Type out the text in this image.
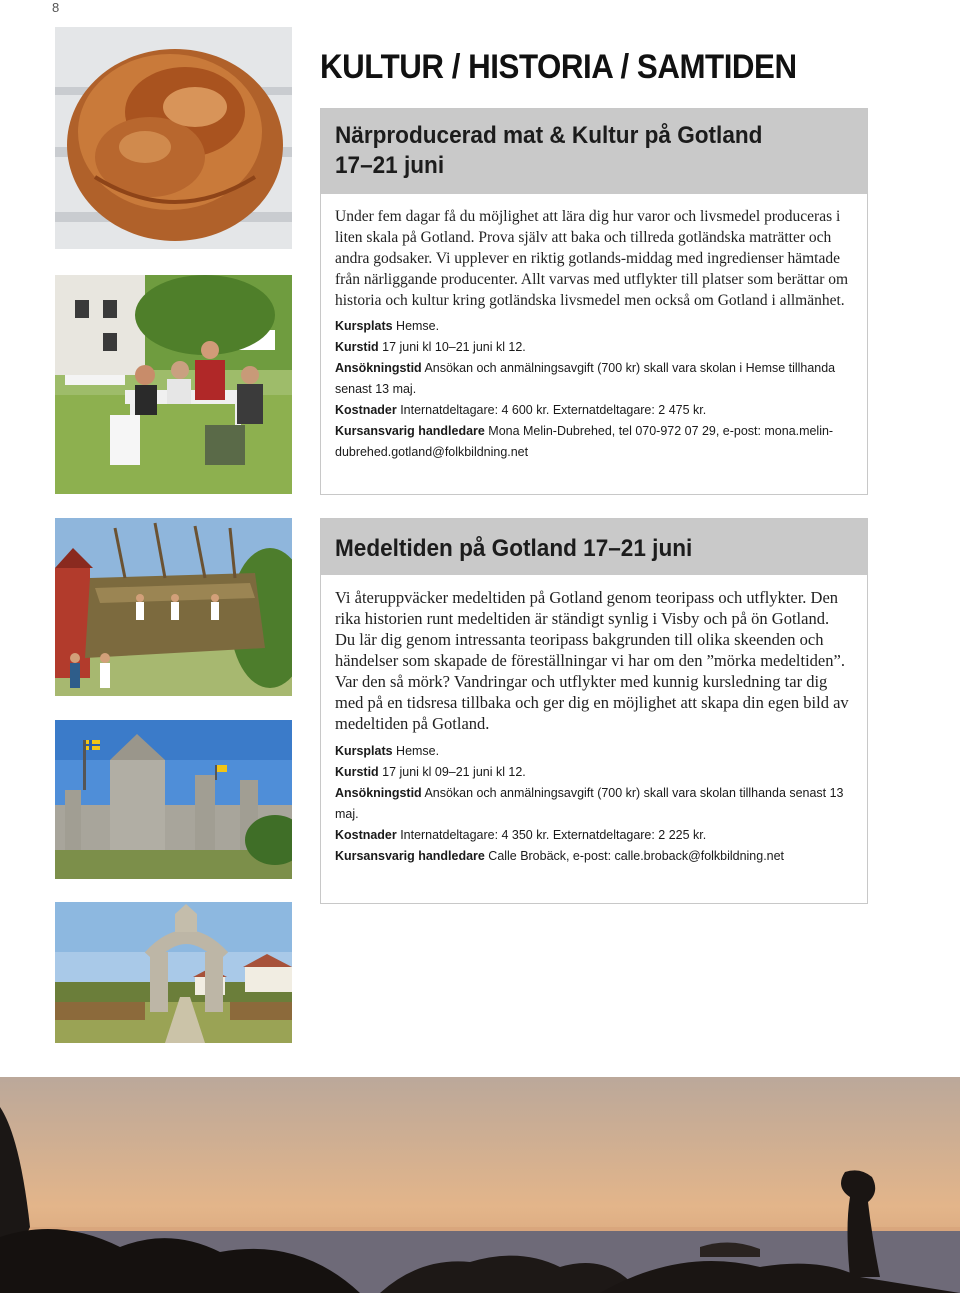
8
KULTUR / HISTORIA / SAMTIDEN
Närproducerad mat & Kultur på Gotland
17–21 juni

Under fem dagar få du möjlighet att lära dig hur varor och livsmedel produceras i liten skala på Gotland. Prova själv att baka och tillreda gotländska maträtter och andra godsaker. Vi upplever en riktig gotlands-middag med ingredienser hämtade från närliggande producenter. Allt varvas med utflykter till platser som berättar om historia och kultur kring gotländska livsmedel men också om Gotland i allmänhet.

Kursplats Hemse.

Kurstid 17 juni kl 10–21 juni kl 12.

Ansökningstid Ansökan och anmälningsavgift (700 kr) skall vara skolan i Hemse tillhanda senast 13 maj.

Kostnader Internatdeltagare: 4 600 kr. Externatdeltagare: 2 475 kr.

Kursansvarig handledare Mona Melin-Dubrehed, tel 070-972 07 29, e-post: mona.melin-dubrehed.gotland@folkbildning.net

Medeltiden på Gotland 17–21 juni

Vi återuppväcker medeltiden på Gotland genom teoripass och utflykter. Den rika historien runt medeltiden är ständigt synlig i Visby och på ön Gotland. Du lär dig genom intressanta teoripass bakgrunden till olika skeenden och händelser som skapade de föreställningar vi har om den ”mörka medeltiden”. Var den så mörk? Vandringar och utflykter med kunnig kursledning tar dig med på en tidsresa tillbaka och ger dig en möjlighet att skapa din egen bild av medeltiden på Gotland.

Kursplats Hemse.

Kurstid 17 juni kl 09–21 juni kl 12.

Ansökningstid Ansökan och anmälningsavgift (700 kr) skall vara skolan tillhanda senast 13 maj.

Kostnader Internatdeltagare: 4 350 kr. Externatdeltagare: 2 225 kr.

Kursansvarig handledare Calle Brobäck, e-post: calle.broback@folkbildning.net
